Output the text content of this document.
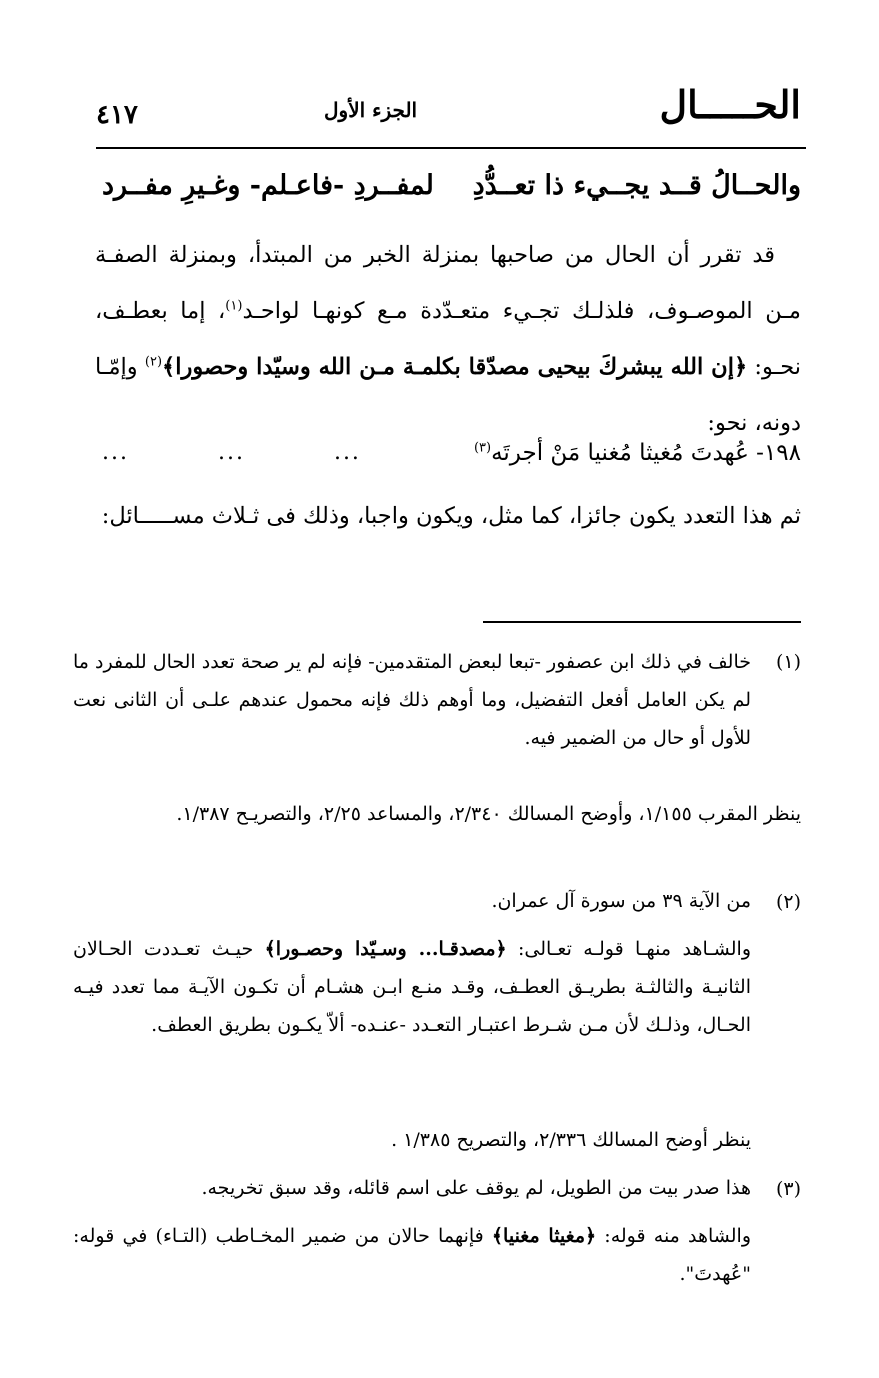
الحـــــال
الجزء الأول
٤١٧
والحــالُ قــد يجــيء ذا تعــدُّدِ
لمفــردِ -فاعـلم- وغـيرِ مفــرد

قد تقرر أن الحال من صاحبها بمنزلة الخبر من المبتدأ، وبمنزلة الصفـة مـن الموصـوف، فلذلـك تجـيء متعـدّدة مـع كونهـا لواحـد$^{(١)}$، إما بعطـف، نحـو: ﴿إن الله يبشركَ بيحيى مصدّقا بكلمـة مـن الله وسيّدا وحصورا﴾$^{(٢)}$ وإمّـا دونه، نحو:

١٩٨- عُهدتَ مُغيثا مُغنيا مَنْ أجرتَه$^{(٣)}$
... ... ...

ثم هذا التعدد يكون جائزا، كما مثل، ويكون واجبا، وذلك فى ثـلاث مســـــائل:

(١)

خالف في ذلك ابن عصفور -تبعا لبعض المتقدمين- فإنه لم ير صحة تعدد الحال للمفرد ما لم يكن العامل أفعل التفضيل، وما أوهم ذلك فإنه محمول عندهم علـى أن الثانى نعت للأول أو حال من الضمير فيه.

ينظر المقرب ١/١٥٥، وأوضح المسالك ٢/٣٤٠، والمساعد ٢/٢٥، والتصريـح ١/٣٨٧.

(٢)

من الآية ٣٩ من سورة آل عمران.

والشـاهد منهـا قولـه تعـالى: ﴿مصدقـا... وسـيّدا وحصـورا﴾ حيـث تعـددت الحـالان الثانيـة والثالثـة بطريـق العطـف، وقـد منـع ابـن هشـام أن تكـون الآيـة مما تعدد فيـه الحـال، وذلـك لأن مـن شـرط اعتبـار التعـدد -عنـده- ألاّ يكـون بطريق العطف.

ينظر أوضح المسالك ٢/٣٣٦، والتصريح ١/٣٨٥ .

(٣)

هذا صدر بيت من الطويل، لم يوقف على اسم قائله، وقد سبق تخريجه.

والشاهد منه قوله: ﴿مغيثا مغنيا﴾ فإنهما حالان من ضمير المخـاطب (التـاء) في قوله: "عُهدتَ".
